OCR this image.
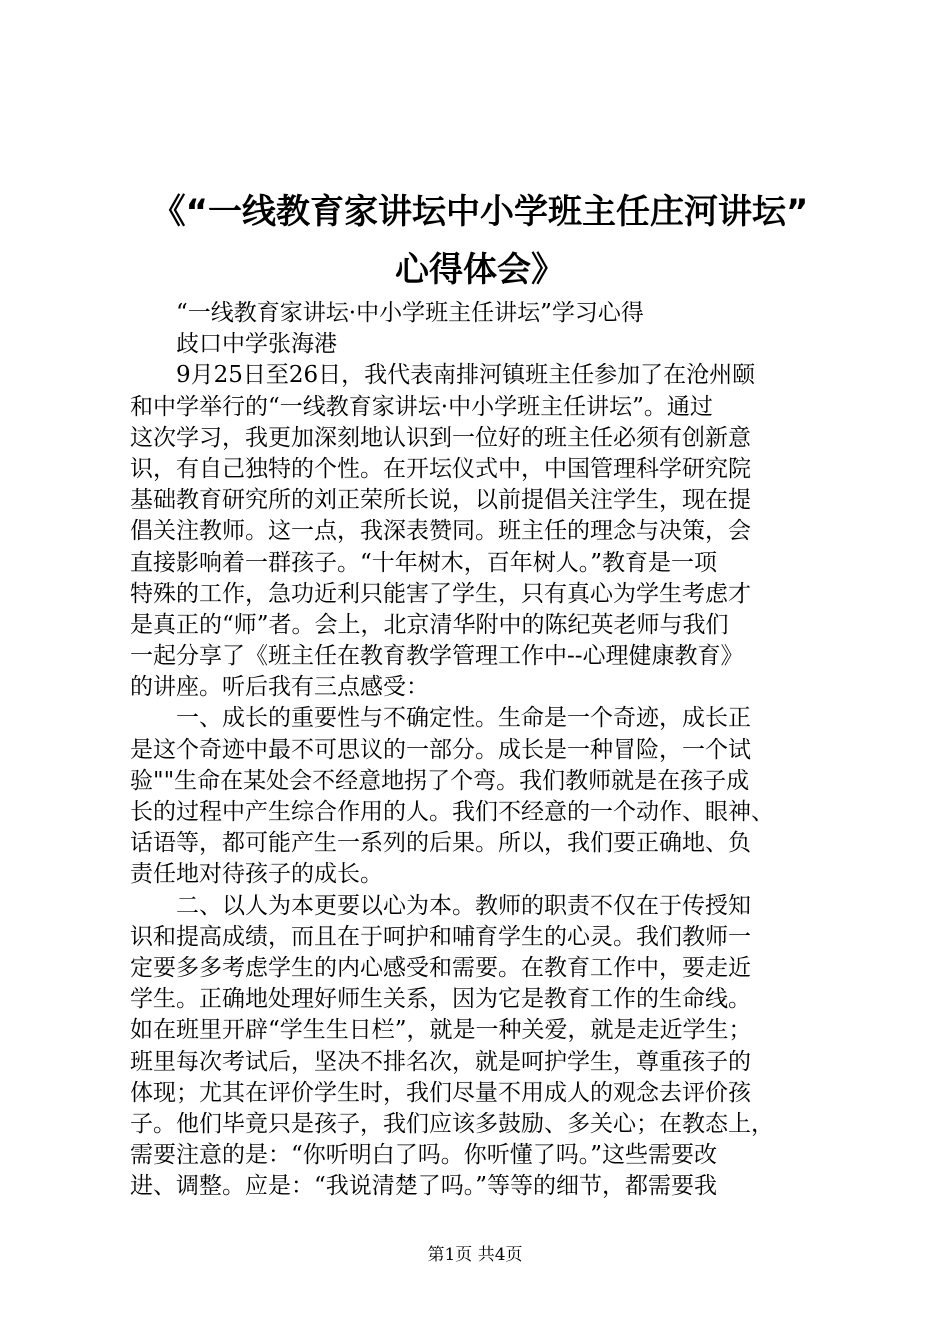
《“一线教育家讲坛中小学班主任庄河讲坛”
心得体会》
“一线教育家讲坛·中小学班主任讲坛”学习心得
歧口中学张海港
9月25日至26日，我代表南排河镇班主任参加了在沧州颐
和中学举行的“一线教育家讲坛·中小学班主任讲坛”。通过
这次学习，我更加深刻地认识到一位好的班主任必须有创新意
识，有自己独特的个性。在开坛仪式中，中国管理科学研究院
基础教育研究所的刘正荣所长说，以前提倡关注学生，现在提
倡关注教师。这一点，我深表赞同。班主任的理念与决策，会
直接影响着一群孩子。“十年树木，百年树人。”教育是一项
特殊的工作，急功近利只能害了学生，只有真心为学生考虑才
是真正的“师”者。会上，北京清华附中的陈纪英老师与我们
一起分享了《班主任在教育教学管理工作中--心理健康教育》
的讲座。听后我有三点感受：
一、成长的重要性与不确定性。生命是一个奇迹，成长正
是这个奇迹中最不可思议的一部分。成长是一种冒险，一个试
验""生命在某处会不经意地拐了个弯。我们教师就是在孩子成
长的过程中产生综合作用的人。我们不经意的一个动作、眼神、
话语等，都可能产生一系列的后果。所以，我们要正确地、负
责任地对待孩子的成长。
二、以人为本更要以心为本。教师的职责不仅在于传授知
识和提高成绩，而且在于呵护和哺育学生的心灵。我们教师一
定要多多考虑学生的内心感受和需要。在教育工作中，要走近
学生。正确地处理好师生关系，因为它是教育工作的生命线。
如在班里开辟“学生生日栏”，就是一种关爱，就是走近学生；
班里每次考试后，坚决不排名次，就是呵护学生，尊重孩子的
体现；尤其在评价学生时，我们尽量不用成人的观念去评价孩
子。他们毕竟只是孩子，我们应该多鼓励、多关心；在教态上，
需要注意的是：“你听明白了吗。你听懂了吗。”这些需要改
进、调整。应是：“我说清楚了吗。”等等的细节，都需要我
第1页 共4页
